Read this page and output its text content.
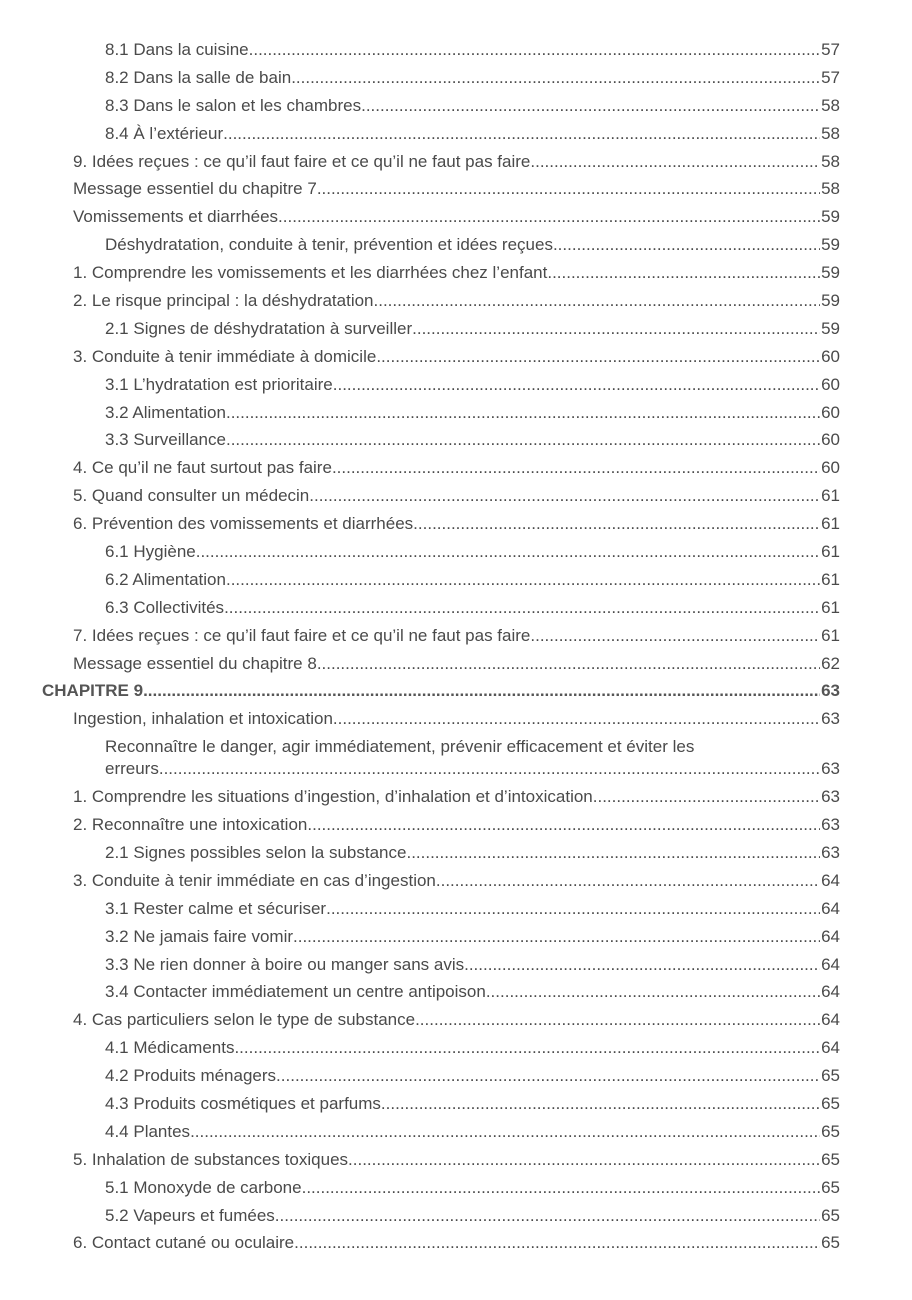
8.1 Dans la cuisine .....	57
8.2 Dans la salle de bain .....	57
8.3 Dans le salon et les chambres .....	58
8.4 À l’extérieur .....	58
9. Idées reçues : ce qu’il faut faire et ce qu’il ne faut pas faire .....	58
Message essentiel du chapitre 7 .....	58
Vomissements et diarrhées .....	59
Déshydratation, conduite à tenir, prévention et idées reçues .....	59
1. Comprendre les vomissements et les diarrhées chez l’enfant .....	59
2. Le risque principal : la déshydratation .....	59
2.1 Signes de déshydratation à surveiller .....	59
3. Conduite à tenir immédiate à domicile .....	60
3.1 L’hydratation est prioritaire .....	60
3.2 Alimentation .....	60
3.3 Surveillance .....	60
4. Ce qu’il ne faut surtout pas faire .....	60
5. Quand consulter un médecin .....	61
6. Prévention des vomissements et diarrhées .....	61
6.1 Hygiène .....	61
6.2 Alimentation .....	61
6.3 Collectivités .....	61
7. Idées reçues : ce qu’il faut faire et ce qu’il ne faut pas faire .....	61
Message essentiel du chapitre 8 .....	62
CHAPITRE 9 .....	63
Ingestion, inhalation et intoxication .....	63
Reconnaître le danger, agir immédiatement, prévenir efficacement et éviter les
erreurs .....	63
1. Comprendre les situations d’ingestion, d’inhalation et d’intoxication .....	63
2. Reconnaître une intoxication .....	63
2.1 Signes possibles selon la substance .....	63
3. Conduite à tenir immédiate en cas d’ingestion .....	64
3.1 Rester calme et sécuriser .....	64
3.2 Ne jamais faire vomir .....	64
3.3 Ne rien donner à boire ou manger sans avis .....	64
3.4 Contacter immédiatement un centre antipoison .....	64
4. Cas particuliers selon le type de substance .....	64
4.1 Médicaments .....	64
4.2 Produits ménagers .....	65
4.3 Produits cosmétiques et parfums .....	65
4.4 Plantes .....	65
5. Inhalation de substances toxiques .....	65
5.1 Monoxyde de carbone .....	65
5.2 Vapeurs et fumées .....	65
6. Contact cutané ou oculaire .....	65
